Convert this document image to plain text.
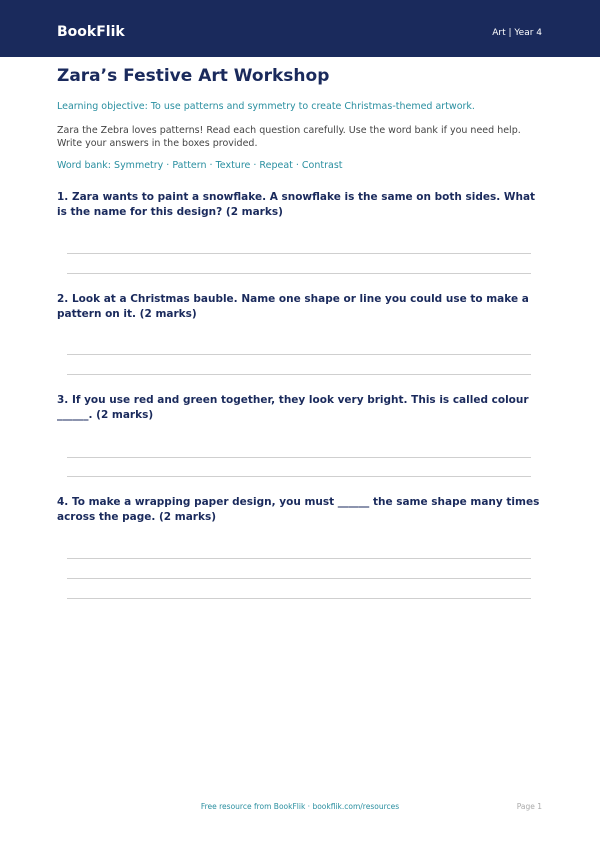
BookFlik	Art | Year 4
Zara’s Festive Art Workshop
Learning objective: To use patterns and symmetry to create Christmas-themed artwork.
Zara the Zebra loves patterns! Read each question carefully. Use the word bank if you need help. Write your answers in the boxes provided.
Word bank: Symmetry · Pattern · Texture · Repeat · Contrast
1. Zara wants to paint a snowflake. A snowflake is the same on both sides. What is the name for this design? (2 marks)
2. Look at a Christmas bauble. Name one shape or line you could use to make a pattern on it. (2 marks)
3. If you use red and green together, they look very bright. This is called colour ______. (2 marks)
4. To make a wrapping paper design, you must ______ the same shape many times across the page. (2 marks)
Free resource from BookFlik · bookflik.com/resources	Page 1
